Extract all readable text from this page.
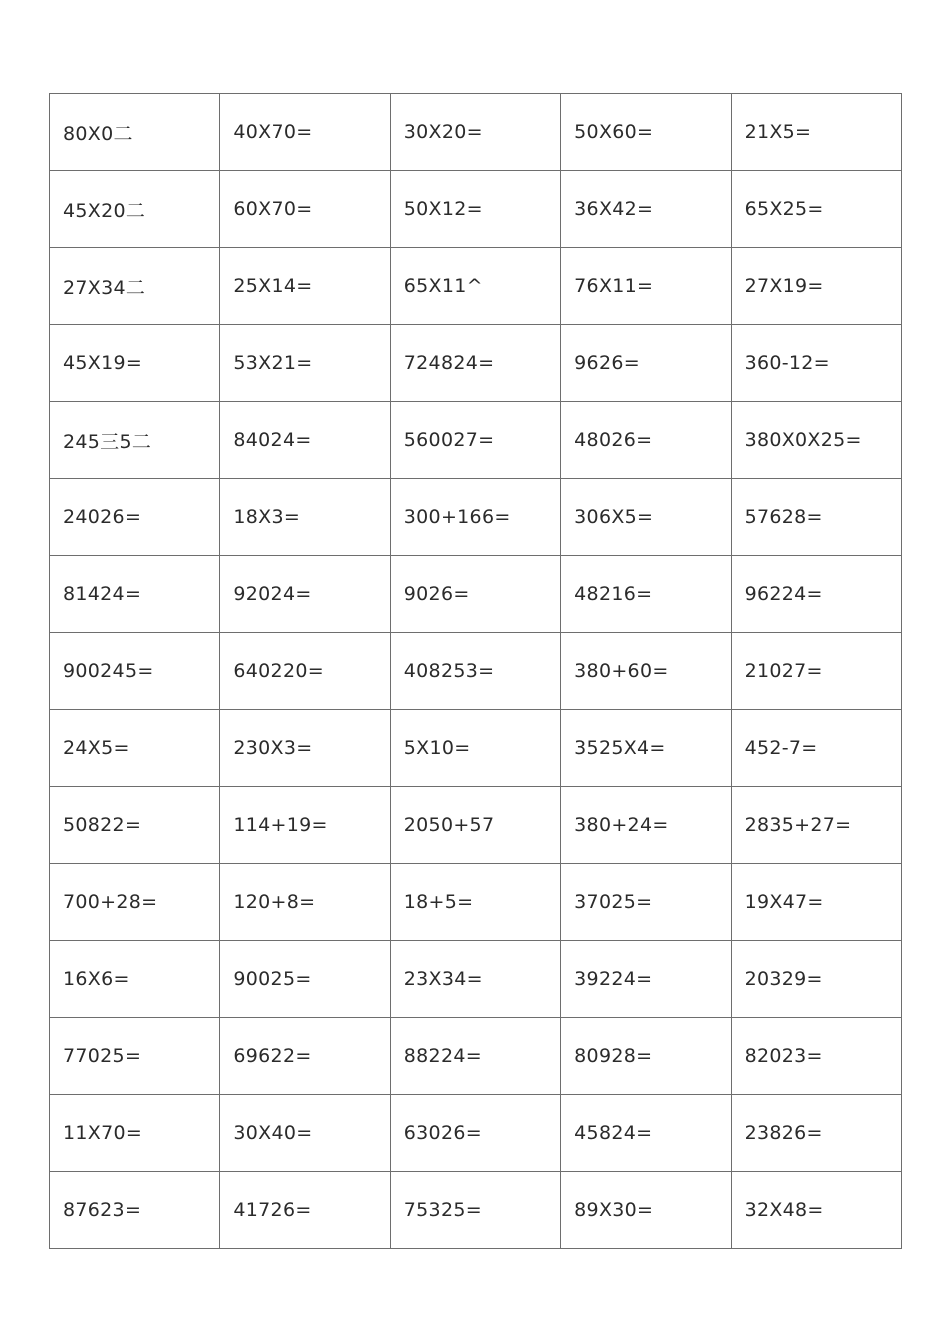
80X0二	40X70=	30X20=	50X60=	21X5=
45X20二	60X70=	50X12=	36X42=	65X25=
27X34二	25X14=	65X11^	76X11=	27X19=
45X19=	53X21=	724824=	9626=	360-12=
245三5二	84024=	560027=	48026=	380X0X25=
24026=	18X3=	300+166=	306X5=	57628=
81424=	92024=	9026=	48216=	96224=
900245=	640220=	408253=	380+60=	21027=
24X5=	230X3=	5X10=	3525X4=	452-7=
50822=	114+19=	2050+57	380+24=	2835+27=
700+28=	120+8=	18+5=	37025=	19X47=
16X6=	90025=	23X34=	39224=	20329=
77025=	69622=	88224=	80928=	82023=
11X70=	30X40=	63026=	45824=	23826=
87623=	41726=	75325=	89X30=	32X48=
